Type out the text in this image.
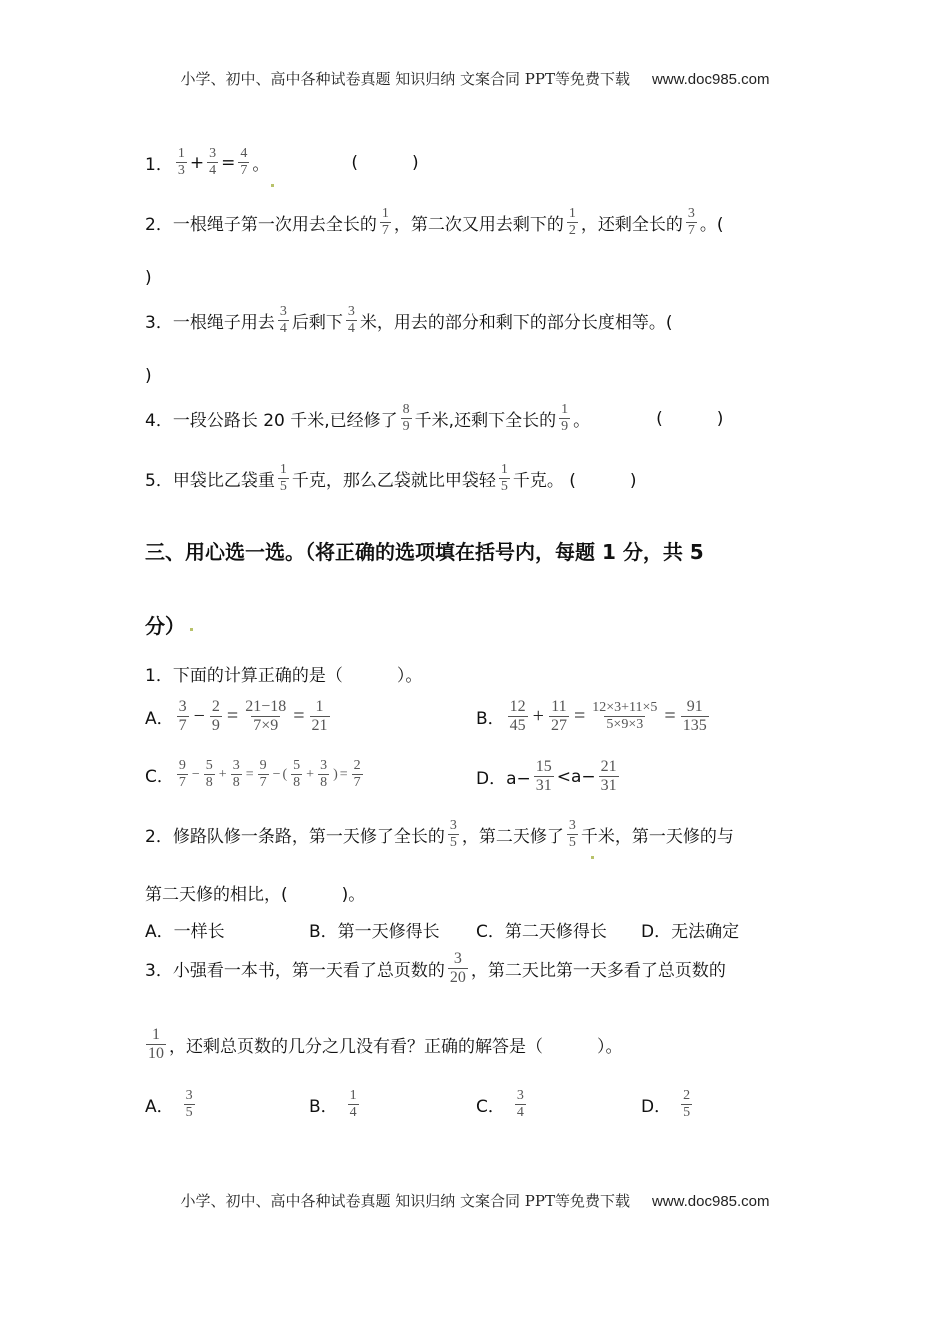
小学、初中、高中各种试卷真题 知识归纳 文案合同 PPT等免费下载 www.doc985.com
1．
1
$3 + \frac{3}{4} = \frac{4}{7}$ 。	(          )
2．一根绳子第一次用去全长的
1
7 ，第二次又用去剩下的
1
2 ，还剩全长的
3
7 。(
)
3．一根绳子用去
3
4 后剩下
3
4 米，用去的部分和剩下的部分长度相等。(
)
4．一段公路长 20 千米,已经修了
8
9 千米,还剩下全长的
1
9 。	(          )
5．甲袋比乙袋重
1
5 千克，那么乙袋就比甲袋轻
1
5 千克。 (          )
三、用心选一选。（将正确的选项填在括号内，每题 1 分，共 5
分）
1．下面的计算正确的是（          ）。
A．
3
$7 - \frac{2}{9} = \frac{21-18}{7\times 9} = \frac{1}{21}$	B．
12
$45 + \frac{11}{27} = \frac{12\times 3+11\times 5}{5\times 9\times 3} = \frac{91}{135}$
C．
9
7
− $\frac{5}{8} + \frac{3}{8} = \frac{9}{7}$ − (
5
8
+ $\frac{3}{8}$ ) = $\frac{2}{7}$	D．$a- \frac{15}{31} <a- \frac{21}{31}$
2．修路队修一条路，第一天修了全长的
3
5 ，第二天修了
3
5 千米，第一天修的与
第二天修的相比，(          )。
A．一样长	B．第一天修得长 C．第二天修得长 D．无法确定
3．小强看一本书，第一天看了总页数的
3
20 ，第二天比第一天多看了总页数的
1
10 ，还剩总页数的几分之几没有看？正确的解答是（          ）。
A．
3
5	B．
1
4	C．
3
4	D．
2
5
小学、初中、高中各种试卷真题 知识归纳 文案合同 PPT等免费下载 www.doc985.com
